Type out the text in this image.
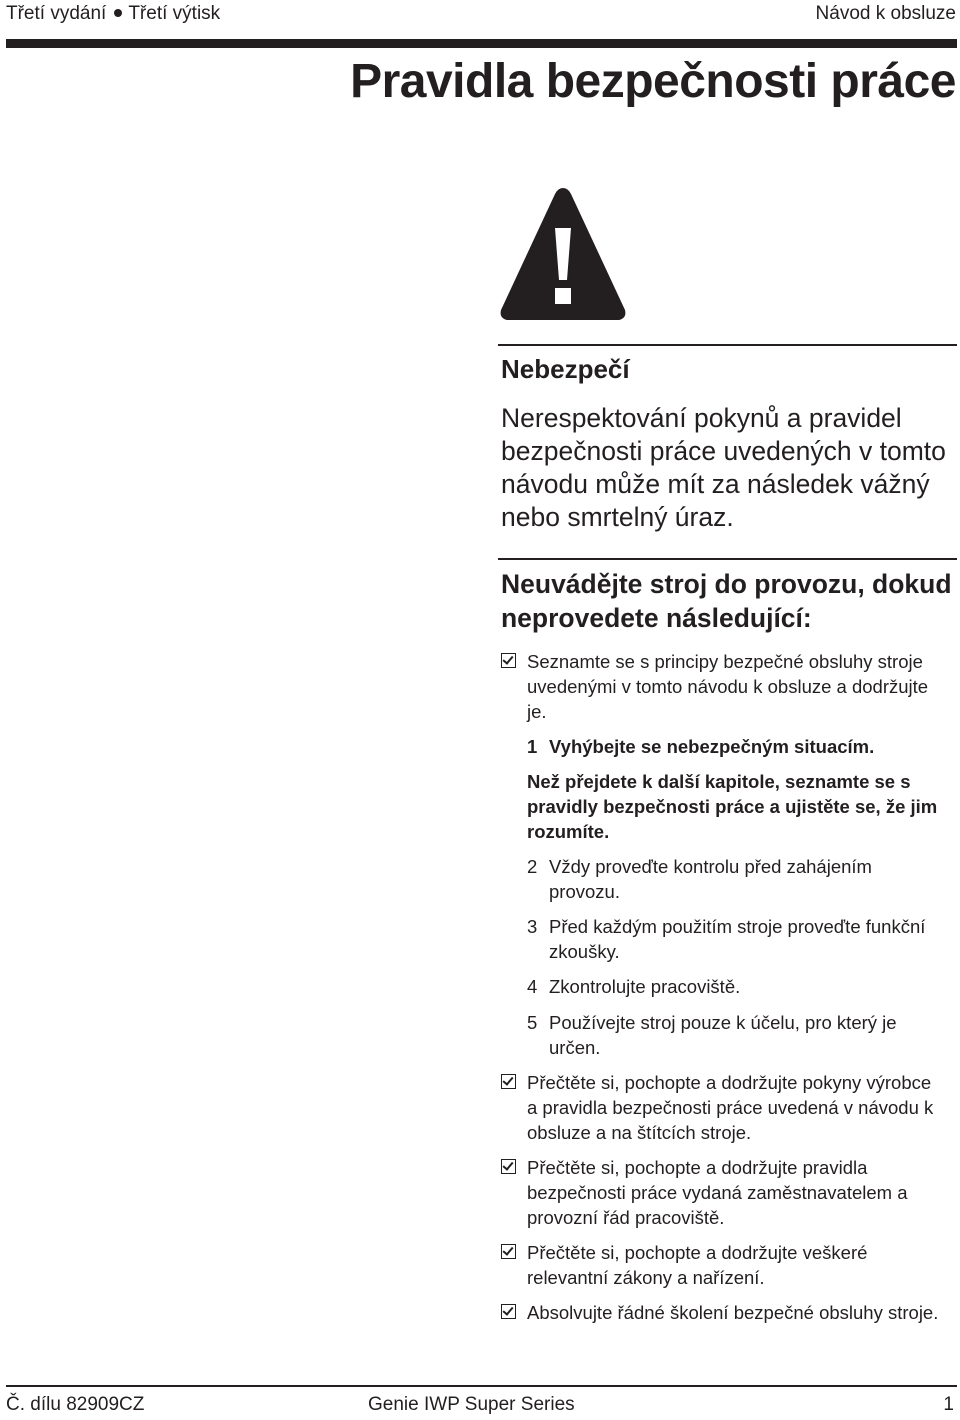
Třetí vydání Třetí výtisk	Návod k obsluze
Pravidla bezpečnosti práce
Nebezpečí
Nerespektování pokynů a pravidel bezpečnosti práce uvedených v tomto návodu může mít za následek vážný nebo smrtelný úraz.
Neuvádějte stroj do provozu, dokud neprovedete následující:
Seznamte se s principy bezpečné obsluhy stroje uvedenými v tomto návodu k obsluze a dodržujte je.
1 Vyhýbejte se nebezpečným situacím.
Než přejdete k další kapitole, seznamte se s pravidly bezpečnosti práce a ujistěte se, že jim rozumíte.
2 Vždy proveďte kontrolu před zahájením provozu.
3 Před každým použitím stroje proveďte funkční zkoušky.
4 Zkontrolujte pracoviště.
5 Používejte stroj pouze k účelu, pro který je určen.
Přečtěte si, pochopte a dodržujte pokyny výrobce a pravidla bezpečnosti práce uvedená v návodu k obsluze a na štítcích stroje.
Přečtěte si, pochopte a dodržujte pravidla bezpečnosti práce vydaná zaměstnavatelem a provozní řád pracoviště.
Přečtěte si, pochopte a dodržujte veškeré relevantní zákony a nařízení.
Absolvujte řádné školení bezpečné obsluhy stroje.
Č. dílu 82909CZ	Genie IWP Super Series	1
